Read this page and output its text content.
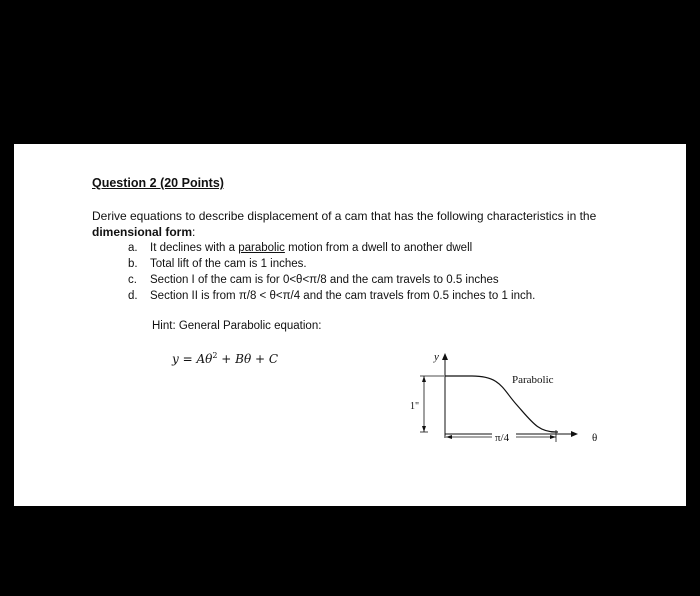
Question 2 (20 Points)
Derive equations to describe displacement of a cam that has the following characteristics in the dimensional form:
a.	It declines with a parabolic motion from a dwell to another dwell
b.	Total lift of the cam is 1 inches.
c.	Section I of the cam is for 0<θ<π/8 and the cam travels to 0.5 inches
d.	Section II is from π/8 < θ<π/4 and the cam travels from 0.5 inches to 1 inch.
Hint: General Parabolic equation:
$y = A\theta^2 + B\theta + C$	y
1"
Parabolic
π/4	θ
